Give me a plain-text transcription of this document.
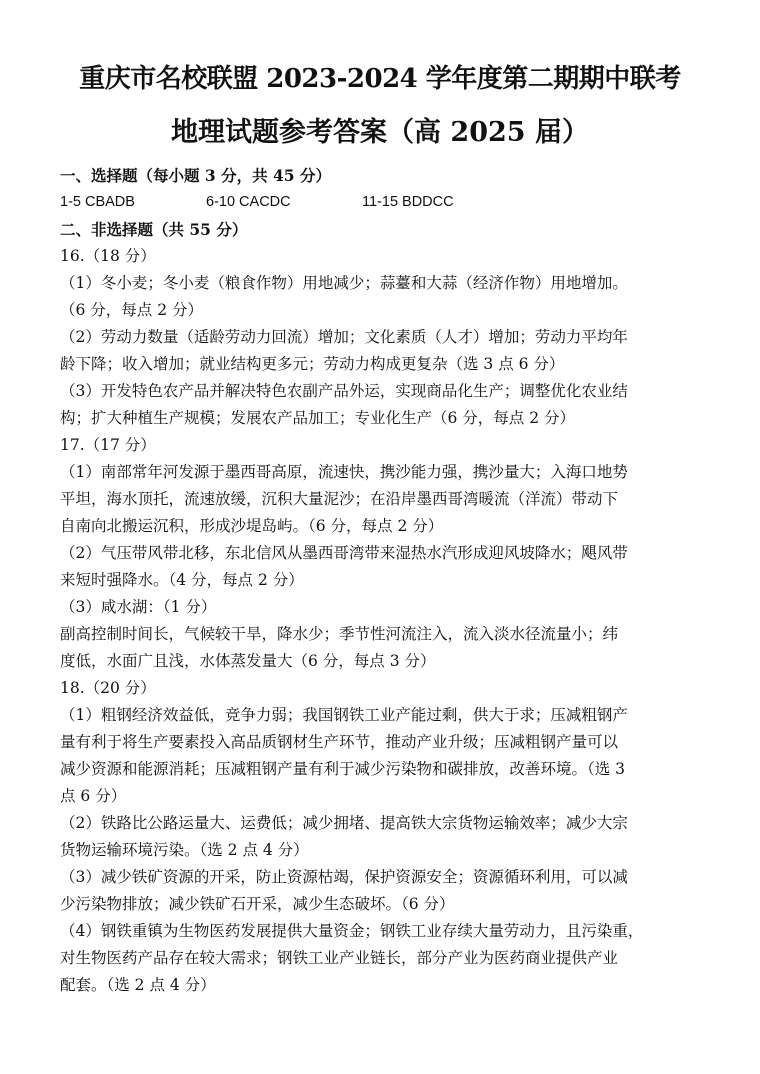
重庆市名校联盟 2023-2024 学年度第二期期中联考
地理试题参考答案（高 2025 届）
一、选择题（每小题 3 分，共 45 分）
1-5 CBADB	6-10 CACDC	11-15 BDDCC
二、非选择题（共 55 分）
16.（18 分）
（1）冬小麦；冬小麦（粮食作物）用地减少；蒜薹和大蒜（经济作物）用地增加。
（6 分，每点 2 分）
（2）劳动力数量（适龄劳动力回流）增加；文化素质（人才）增加；劳动力平均年
龄下降；收入增加；就业结构更多元；劳动力构成更复杂（选 3 点 6 分）
（3）开发特色农产品并解决特色农副产品外运，实现商品化生产；调整优化农业结
构；扩大种植生产规模；发展农产品加工；专业化生产（6 分，每点 2 分）
17.（17 分）
（1）南部常年河发源于墨西哥高原，流速快，携沙能力强，携沙量大；入海口地势
平坦，海水顶托，流速放缓，沉积大量泥沙；在沿岸墨西哥湾暖流（洋流）带动下
自南向北搬运沉积，形成沙堤岛屿。（6 分，每点 2 分）
（2）气压带风带北移，东北信风从墨西哥湾带来湿热水汽形成迎风坡降水；飓风带
来短时强降水。（4 分，每点 2 分）
（3）咸水湖：（1 分）
副高控制时间长，气候较干旱，降水少；季节性河流注入，流入淡水径流量小；纬
度低，水面广且浅，水体蒸发量大（6 分，每点 3 分）
18.（20 分）
（1）粗钢经济效益低，竞争力弱；我国钢铁工业产能过剩，供大于求；压减粗钢产
量有利于将生产要素投入高品质钢材生产环节，推动产业升级；压减粗钢产量可以
减少资源和能源消耗；压减粗钢产量有利于减少污染物和碳排放，改善环境。（选 3
点 6 分）
（2）铁路比公路运量大、运费低；减少拥堵、提高铁大宗货物运输效率；减少大宗
货物运输环境污染。（选 2 点 4 分）
（3）减少铁矿资源的开采，防止资源枯竭，保护资源安全；资源循环利用，可以减
少污染物排放；减少铁矿石开采，减少生态破坏。（6 分）
（4）钢铁重镇为生物医药发展提供大量资金；钢铁工业存续大量劳动力，且污染重，
对生物医药产品存在较大需求；钢铁工业产业链长，部分产业为医药商业提供产业
配套。（选 2 点 4 分）
